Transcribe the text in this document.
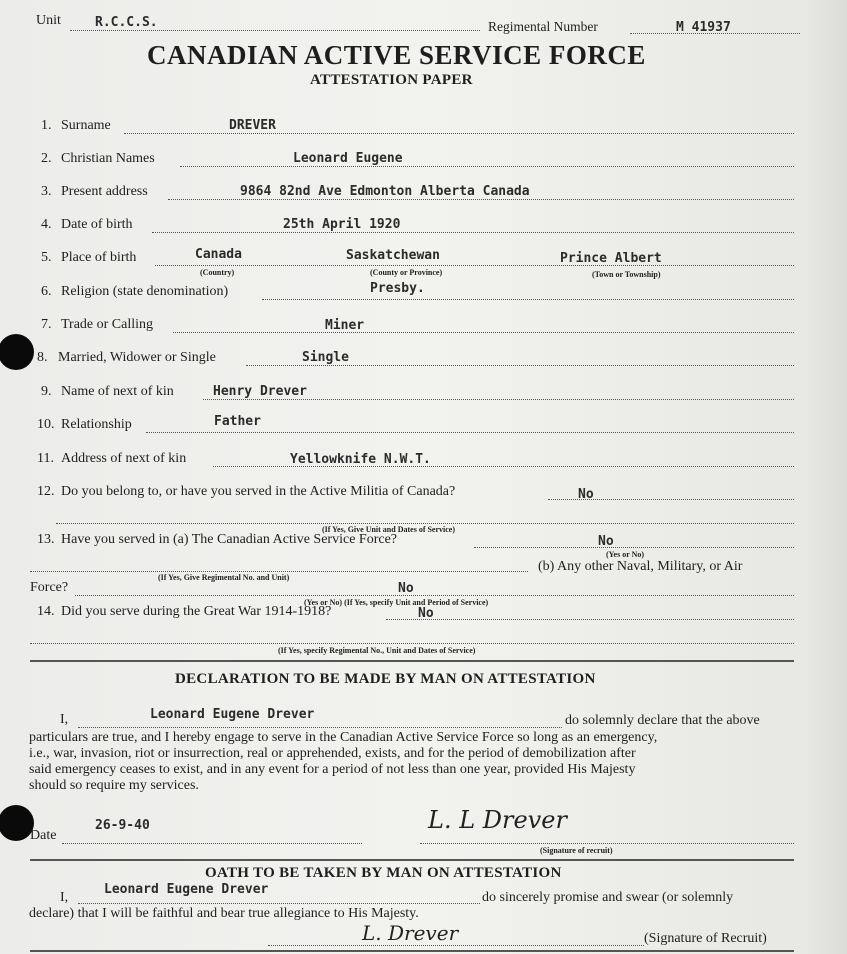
Unit	R.C.C.S.	Regimental Number	M 41937
CANADIAN ACTIVE SERVICE FORCE
ATTESTATION PAPER
1. Surname	DREVER
2. Christian Names	Leonard Eugene
3. Present address	9864 82nd Ave Edmonton Alberta Canada
4. Date of birth	25th April 1920
5. Place of birth	Canada	Saskatchewan	Prince Albert
(Country)	(County or Province)	(Town or Township)
6. Religion (state denomination)	Presby.
7. Trade or Calling	Miner
8. Married, Widower or Single	Single
9. Name of next of kin	Henry Drever
10. Relationship	Father
11. Address of next of kin	Yellowknife N.W.T.
12. Do you belong to, or have you served in the Active Militia of Canada?	No
(If Yes, Give Unit and Dates of Service)
13. Have you served in (a) The Canadian Active Service Force?	No
(Yes or No)
(b) Any other Naval, Military, or Air
(If Yes, Give Regimental No. and Unit)
Force?	No
(Yes or No) (If Yes, specify Unit and Period of Service)
14. Did you serve during the Great War 1914-1918?	No
(If Yes, specify Regimental No., Unit and Dates of Service)
DECLARATION TO BE MADE BY MAN ON ATTESTATION
I,	Leonard Eugene Drever	do solemnly declare that the above
particulars are true, and I hereby engage to serve in the Canadian Active Service Force so long as an emergency,
i.e., war, invasion, riot or insurrection, real or apprehended, exists, and for the period of demobilization after
said emergency ceases to exist, and in any event for a period of not less than one year, provided His Majesty
should so require my services.
Date
26-9-40	L. L Drever
(Signature of recruit)
OATH TO BE TAKEN BY MAN ON ATTESTATION
I,
Leonard Eugene Drever
do sincerely promise and swear (or solemnly
declare) that I will be faithful and bear true allegiance to His Majesty.
L. Drever	(Signature of Recruit)
